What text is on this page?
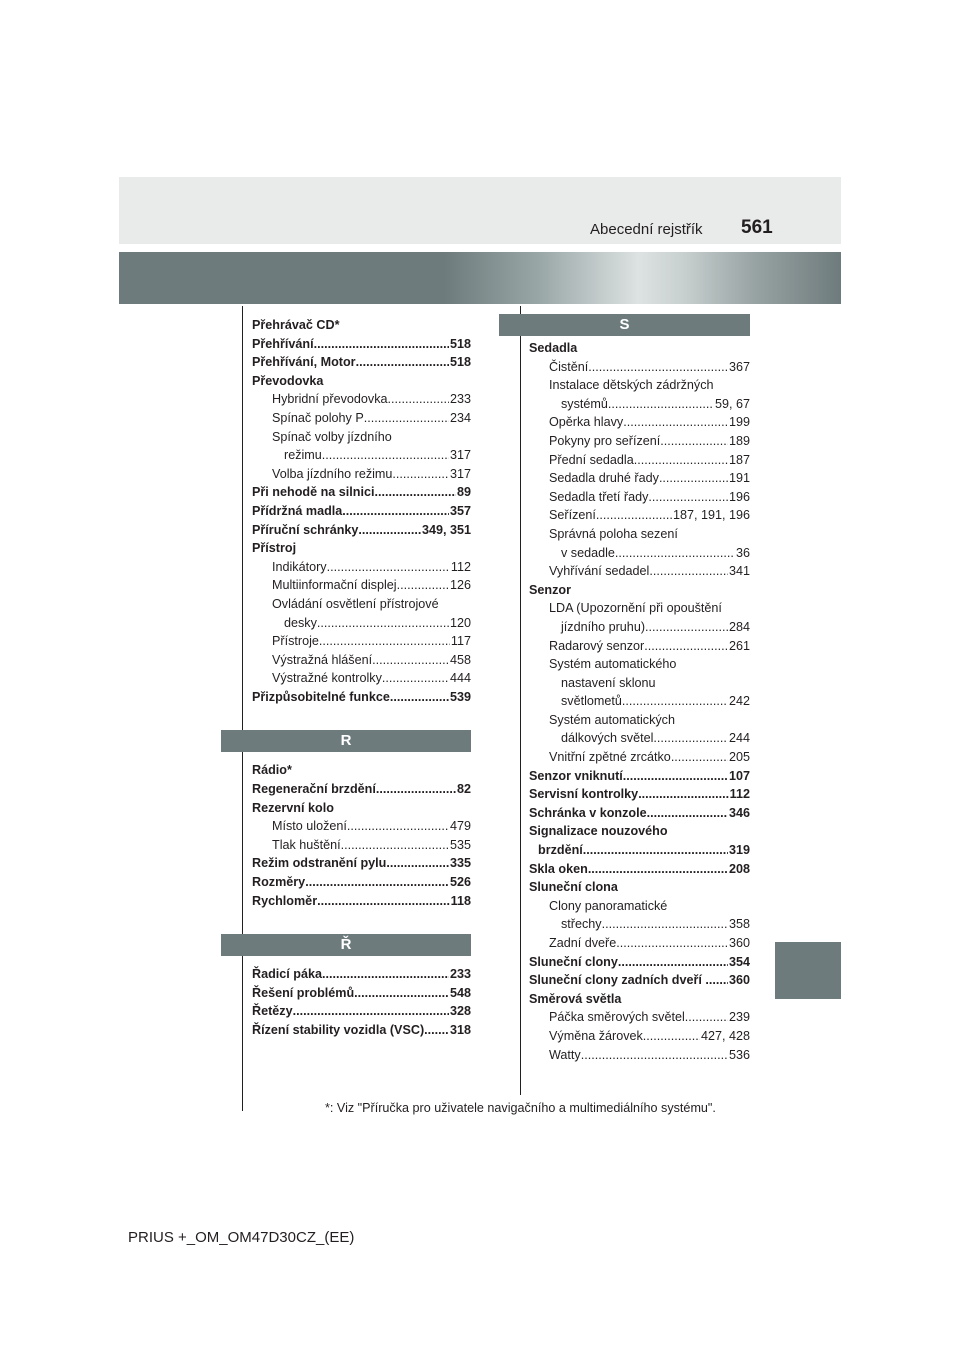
Abecední rejstřík 561
Přehrávač CD*
Přehřívání .....	518
Přehřívání, Motor .....	518
Převodovka
Hybridní převodovka .....	233
Spínač polohy P .....	234
Spínač volby jízdního
režimu .....	317
Volba jízdního režimu .....	317
Při nehodě na silnici .....	89
Přídržná madla .....	357
Příruční schránky .....	349, 351
Přístroj
Indikátory .....	112
Multiinformační displej .....	126
Ovládání osvětlení přístrojové
desky .....	120
Přístroje .....	117
Výstražná hlášení .....	458
Výstražné kontrolky .....	444
Přizpůsobitelné funkce .....	539
R
Rádio*
Regenerační brzdění .....	82
Rezervní kolo
Místo uložení .....	479
Tlak huštění .....	535
Režim odstranění pylu .....	335
Rozměry .....	526
Rychloměr .....	118
Ř
Řadicí páka .....	233
Řešení problémů .....	548
Řetězy .....	328
Řízení stability vozidla (VSC).. ..... 318
S
Sedadla
Čistění .....	367
Instalace dětských zádržných
systémů .....	59, 67
Opěrka hlavy .....	199
Pokyny pro seřízení .....	189
Přední sedadla .....	187
Sedadla druhé řady .....	191
Sedadla třetí řady .....	196
Seřízení .....	187, 191, 196
Správná poloha sezení
v sedadle .....	36
Vyhřívání sedadel .....	341
Senzor
LDA (Upozornění při opouštění
jízdního pruhu) .....	284
Radarový senzor .....	261
Systém automatického
nastavení sklonu
světlometů .....	242
Systém automatických
dálkových světel .....	244
Vnitřní zpětné zrcátko .....	205
Senzor vniknutí .....	107
Servisní kontrolky .....	112
Schránka v konzole .....	346
Signalizace nouzového
brzdění .....	319
Skla oken .....	208
Sluneční clona
Clony panoramatické
střechy .....	358
Zadní dveře .....	360
Sluneční clony .....	354
Sluneční clony zadních dveří .. ..... 360
Směrová světla
Páčka směrových světel .....	239
Výměna žárovek .....	427, 428
Watty .....	536
*: Viz "Příručka pro uživatele navigačního a multimediálního systému".
PRIUS +_OM_OM47D30CZ_(EE)
